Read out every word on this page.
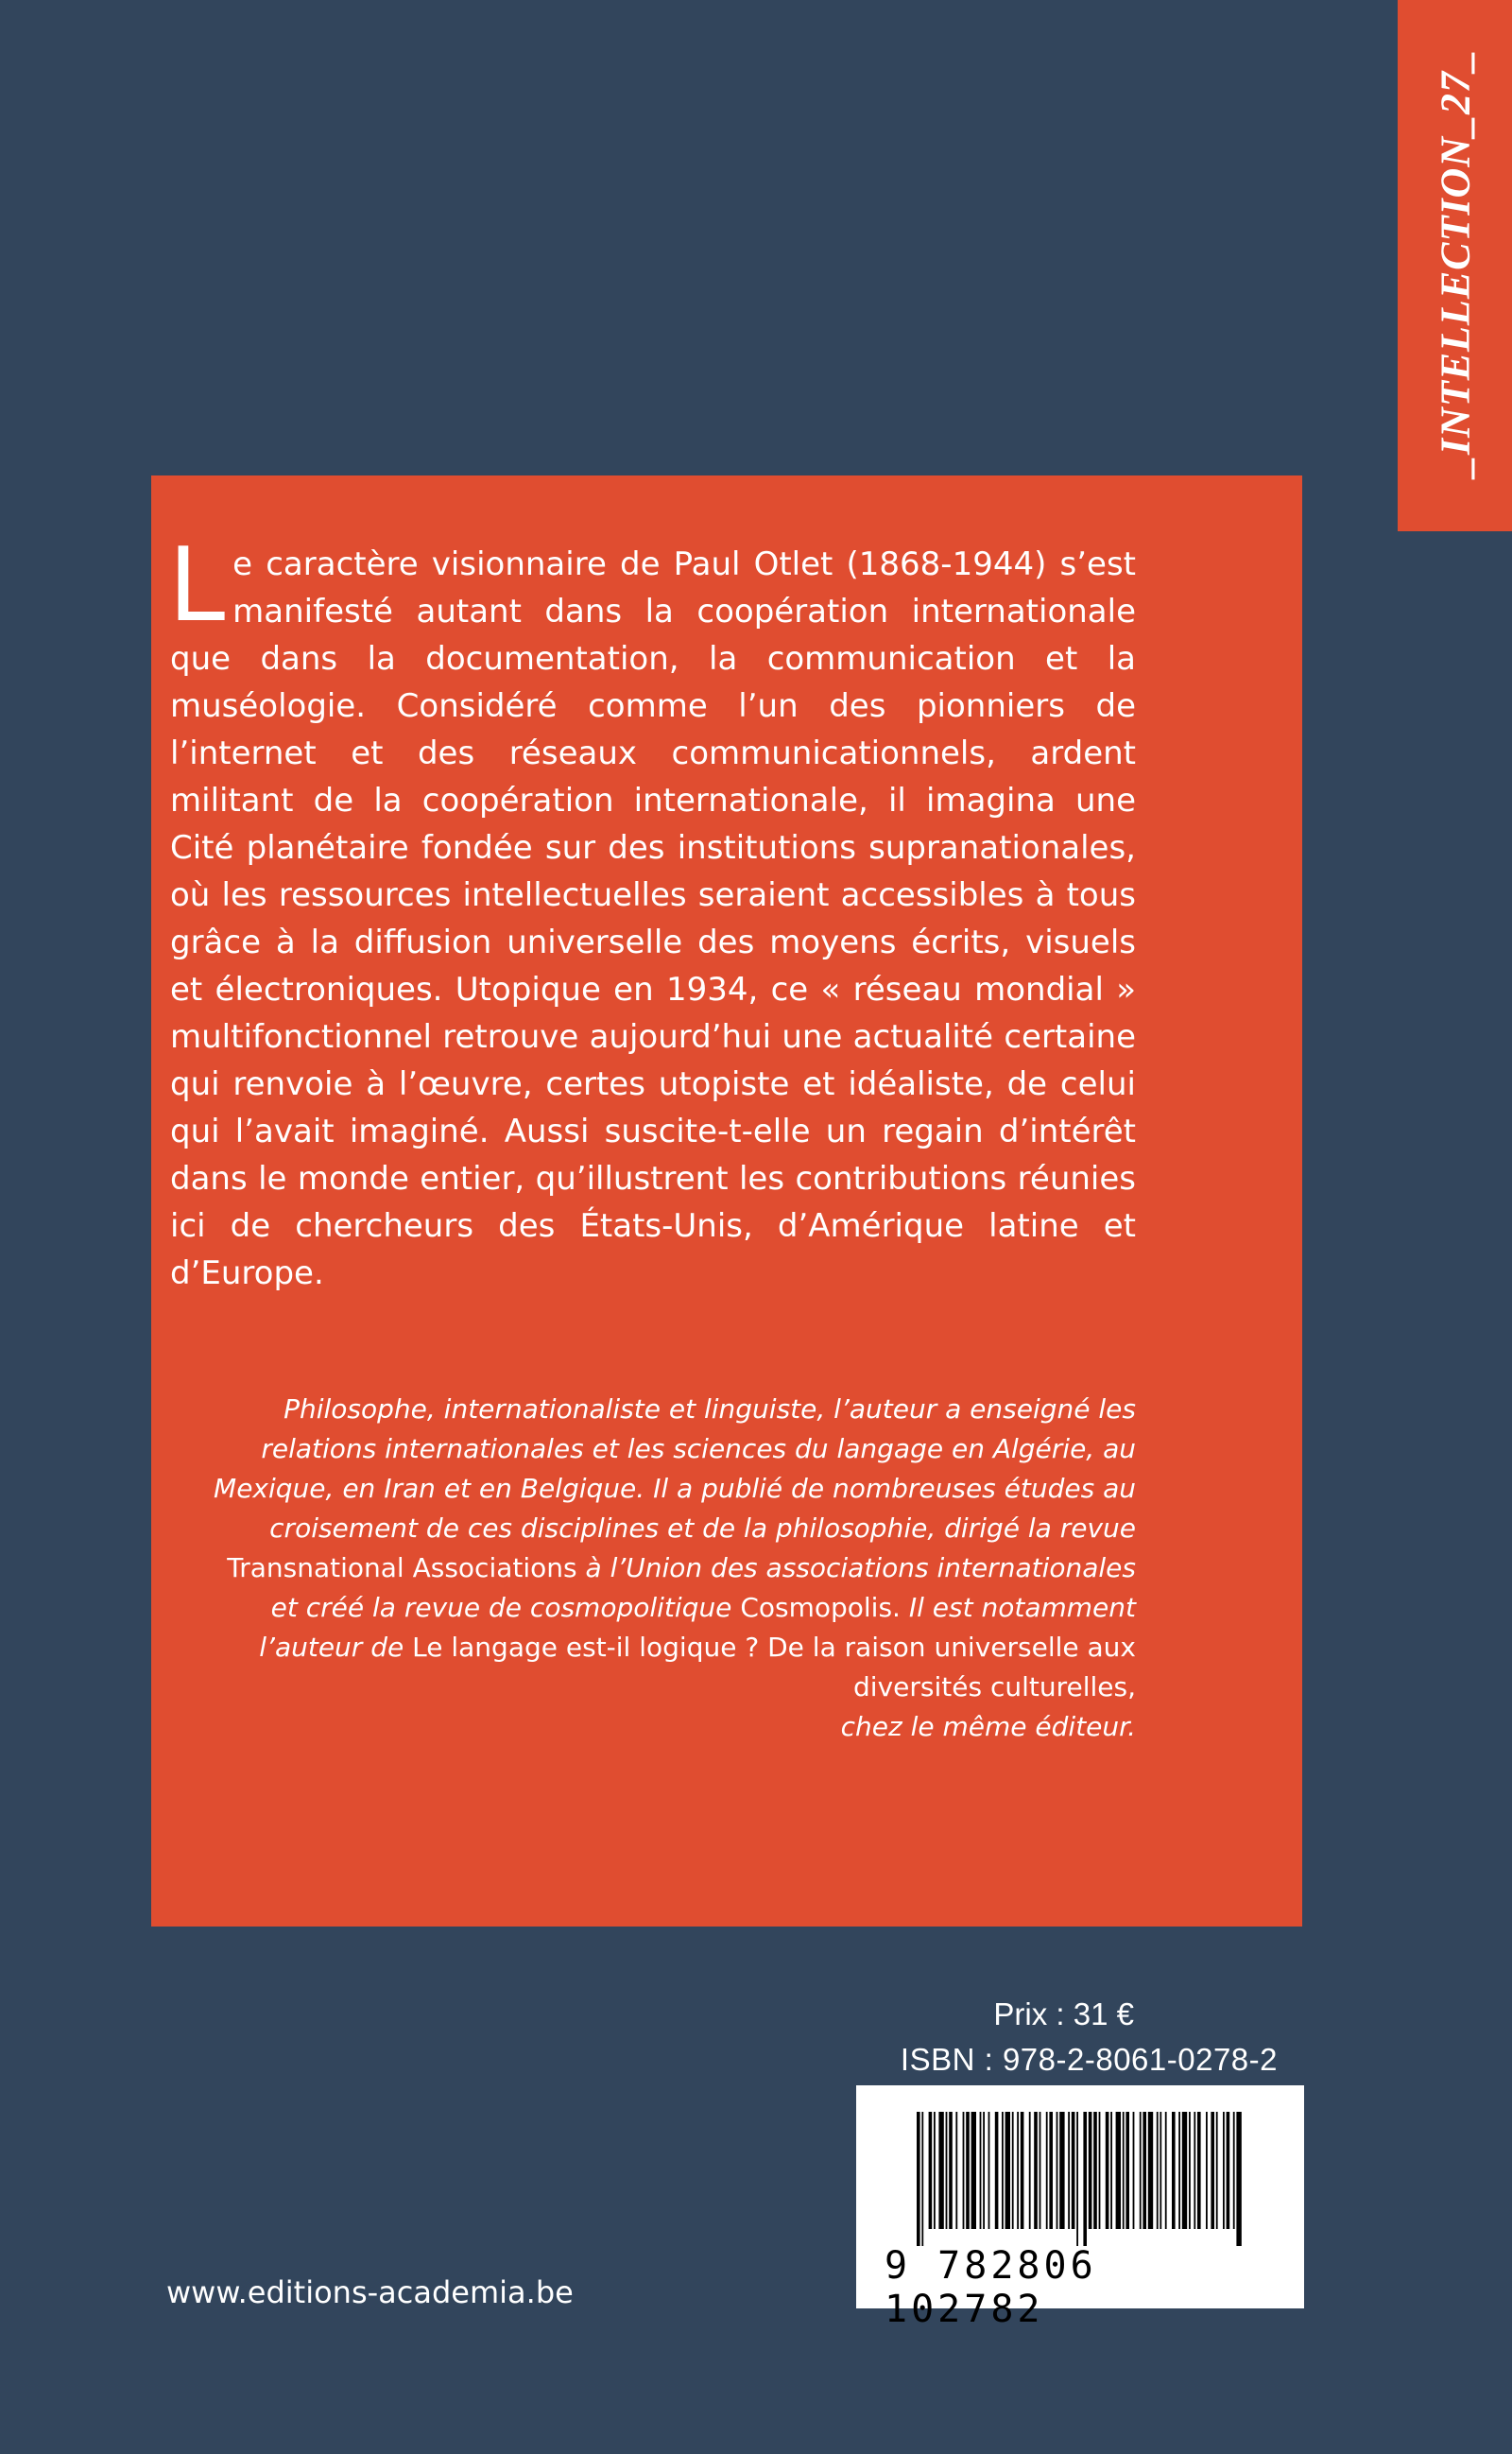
_INTELLECTION_27_

Le caractère visionnaire de Paul Otlet (1868-1944) s’est manifesté autant dans la coopération internationale que dans la documentation, la communication et la muséologie. Considéré comme l’un des pionniers de l’internet et des réseaux communicationnels, ardent militant de la coopération internationale, il imagina une Cité planétaire fondée sur des institutions supranationales, où les ressources intellectuelles seraient accessibles à tous grâce à la diffusion universelle des moyens écrits, visuels et électroniques. Utopique en 1934, ce « réseau mondial » multifonctionnel retrouve aujourd’hui une actualité certaine qui renvoie à l’œuvre, certes utopiste et idéaliste, de celui qui l’avait imaginé. Aussi suscite-t-elle un regain d’intérêt dans le monde entier, qu’illustrent les contributions réunies ici de chercheurs des États-Unis, d’Amérique latine et d’Europe.

Philosophe, internationaliste et linguiste, l’auteur a enseigné les relations internationales et les sciences du langage en Algérie, au Mexique, en Iran et en Belgique. Il a publié de nombreuses études au croisement de ces disciplines et de la philosophie, dirigé la revue Transnational Associations à l’Union des associations internationales et créé la revue de cosmopolitique Cosmopolis. Il est notamment l’auteur de Le langage est-il logique ? De la raison universelle aux diversités culturelles,
chez le même éditeur.

Prix : 31 €

ISBN : 978-2-8061-0278-2

9 782806 102782

www.editions-academia.be
